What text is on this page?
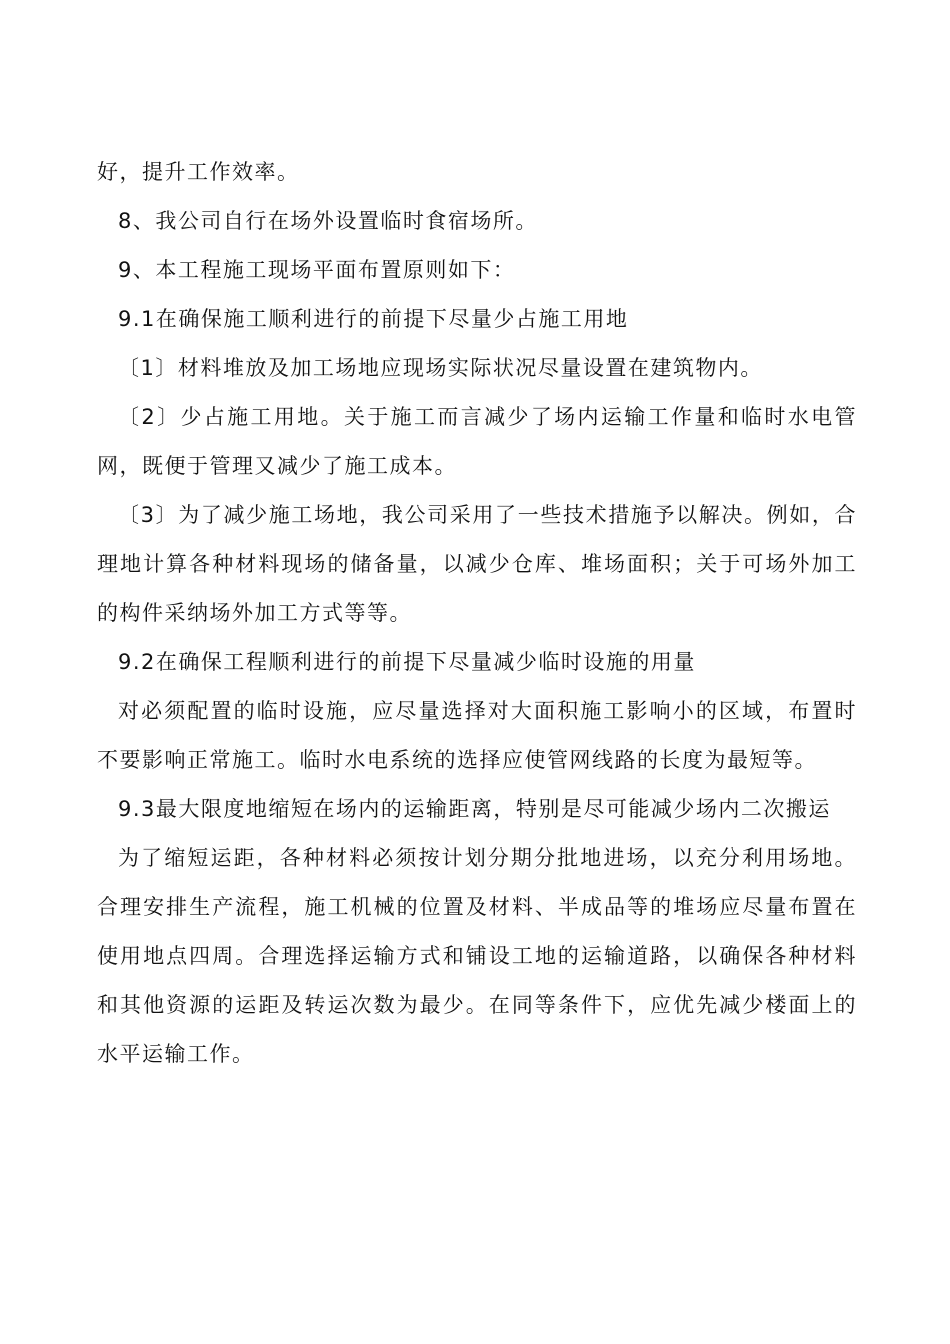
好，提升工作效率。

8、我公司自行在场外设置临时食宿场所。

9、本工程施工现场平面布置原则如下：

9.1在确保施工顺利进行的前提下尽量少占施工用地

〔1〕材料堆放及加工场地应现场实际状况尽量设置在建筑物内。

〔2〕少占施工用地。关于施工而言减少了场内运输工作量和临时水电管网，既便于管理又减少了施工成本。

〔3〕为了减少施工场地，我公司采用了一些技术措施予以解决。例如，合理地计算各种材料现场的储备量，以减少仓库、堆场面积；关于可场外加工的构件采纳场外加工方式等等。

9.2在确保工程顺利进行的前提下尽量减少临时设施的用量

对必须配置的临时设施，应尽量选择对大面积施工影响小的区域，布置时不要影响正常施工。临时水电系统的选择应使管网线路的长度为最短等。

9.3最大限度地缩短在场内的运输距离，特别是尽可能减少场内二次搬运

为了缩短运距，各种材料必须按计划分期分批地进场，以充分利用场地。合理安排生产流程，施工机械的位置及材料、半成品等的堆场应尽量布置在使用地点四周。合理选择运输方式和铺设工地的运输道路，以确保各种材料和其他资源的运距及转运次数为最少。在同等条件下，应优先减少楼面上的水平运输工作。
